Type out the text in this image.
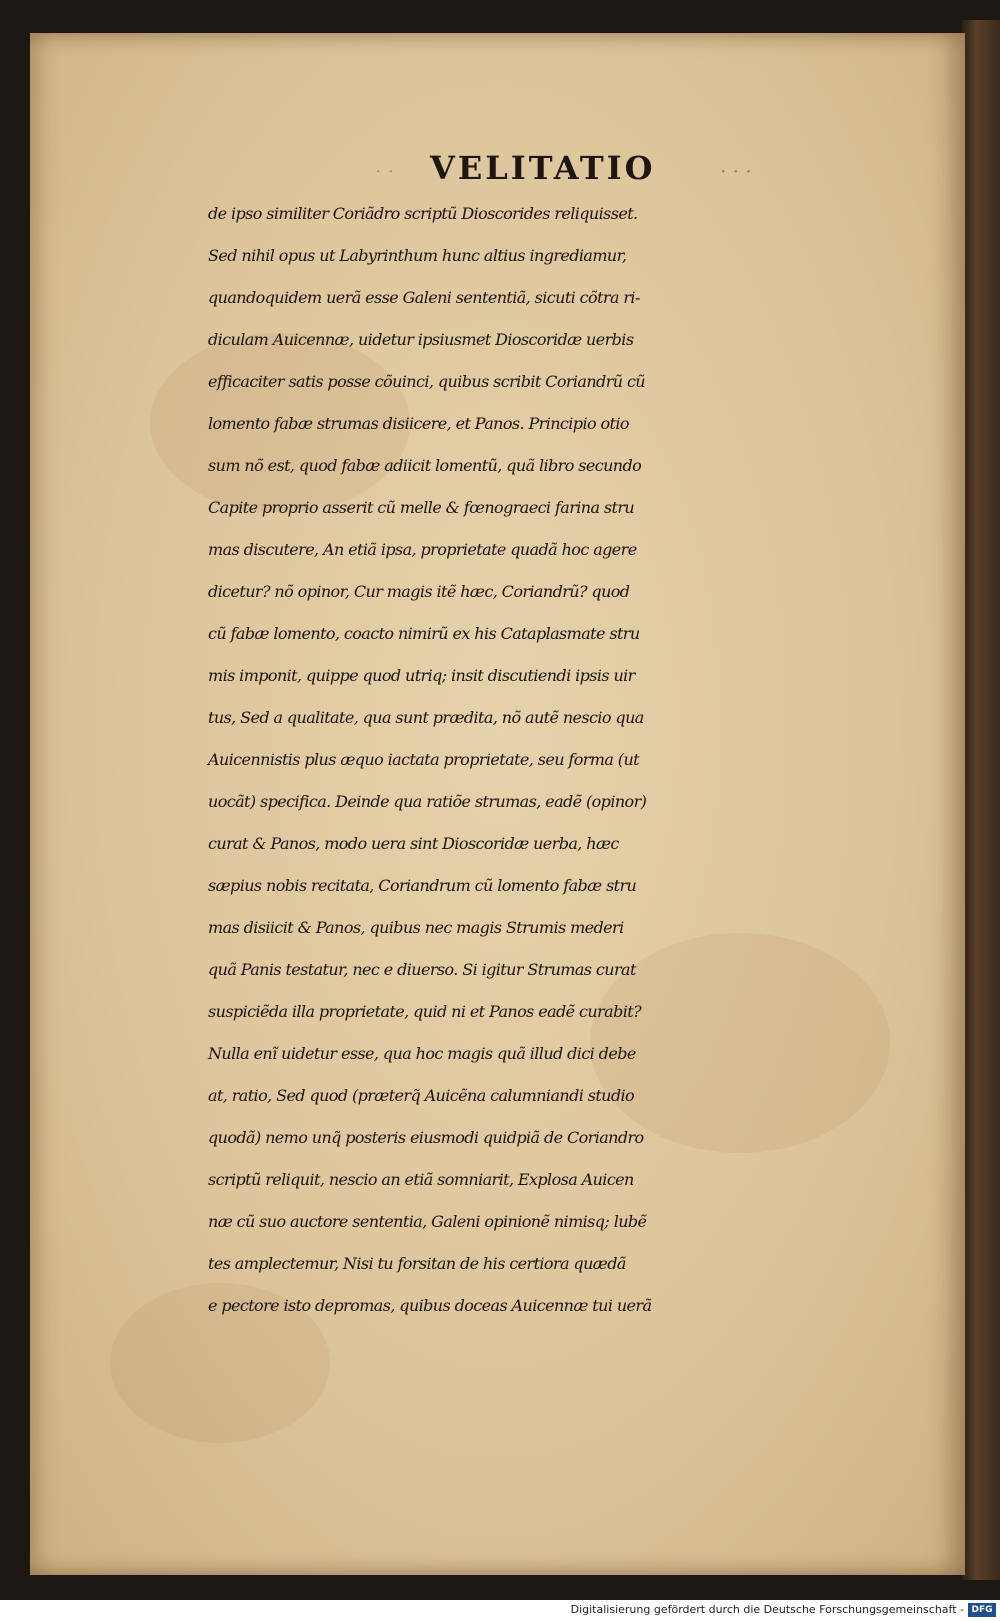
· · VELITATIO	· · ·
de ipso similiter Coriãdro scriptũ Dioscorides reliquisset.
Sed nihil opus ut Labyrinthum hunc altius ingrediamur,
quandoquidem uerã esse Galeni sententiã, sicuti cõtra ri-
diculam Auicennæ, uidetur ipsiusmet Dioscoridæ uerbis
efficaciter satis posse cõuinci, quibus scribit Coriandrũ cũ
lomento fabæ strumas disiicere, et Panos. Principio otio
sum nõ est, quod fabæ adiicit lomentũ, quã libro secundo
Capite proprio asserit cũ melle & fœnograeci farina stru
mas discutere, An etiã ipsa, proprietate quadã hoc agere
dicetur? nõ opinor, Cur magis itẽ hæc, Coriandrũ? quod
cũ fabæ lomento, coacto nimirũ ex his Cataplasmate stru
mis imponit, quippe quod utriq; insit discutiendi ipsis uir
tus, Sed a qualitate, qua sunt prædita, nõ autẽ nescio qua
Auicennistis plus æquo iactata proprietate, seu forma (ut
uocãt) specifica. Deinde qua ratiõe strumas, eadẽ (opinor)
curat & Panos, modo uera sint Dioscoridæ uerba, hæc
sæpius nobis recitata, Coriandrum cũ lomento fabæ stru
mas disiicit & Panos, quibus nec magis Strumis mederi
quã Panis testatur, nec e diuerso. Si igitur Strumas curat
suspiciẽda illa proprietate, quid ni et Panos eadẽ curabit?
Nulla enĩ uidetur esse, qua hoc magis quã illud dici debe
at, ratio, Sed quod (præterq̃ Auicẽna calumniandi studio
quodã) nemo unq̃ posteris eiusmodi quidpiã de Coriandro
scriptũ reliquit, nescio an etiã somniarit, Explosa Auicen
næ cũ suo auctore sententia, Galeni opinionẽ nimisq; lubẽ
tes amplectemur, Nisi tu forsitan de his certiora quædã
e pectore isto depromas, quibus doceas Auicennæ tui uerã
Digitalisierung gefördert durch die Deutsche Forschungsgemeinschaft - DFG
